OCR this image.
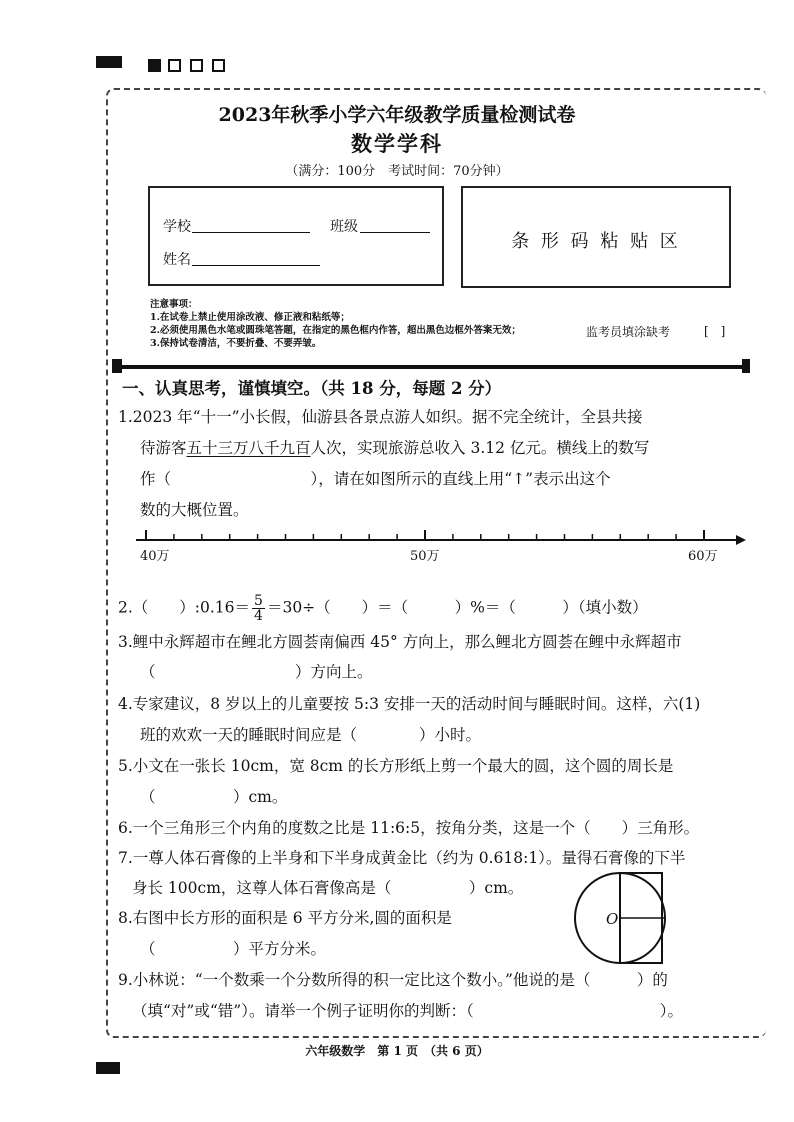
2023年秋季小学六年级教学质量检测试卷
数学学科
（满分：100分　考试时间：70分钟）
学校	班级
姓名
条 形 码 粘 贴 区
注意事项：
1.在试卷上禁止使用涂改液、修正液和粘纸等；
2.必须使用黑色水笔或圆珠笔答题，在指定的黑色框内作答，超出黑色边框外答案无效；
3.保持试卷清洁，不要折叠、不要弄皱。
监考员填涂缺考	[　]
一、认真思考，谨慎填空。（共 18 分，每题 2 分）
1.2023 年“十一”小长假，仙游县各景点游人如织。据不完全统计，全县共接
待游客五十三万八千九百人次，实现旅游总收入 3.12 亿元。横线上的数写
作（　　　　　　　　　），请在如图所示的直线上用“↑”表示出这个
数的大概位置。
40万	50万	60万
2.（　　）:0.16＝ $\frac{5}{4} =30\div$（　　）＝（　　　）%＝（　　　）（填小数）
3.鲤中永辉超市在鲤北方圆荟南偏西 45° 方向上，那么鲤北方圆荟在鲤中永辉超市
（　　　　　　　　　）方向上。
4.专家建议，8 岁以上的儿童要按 5:3 安排一天的活动时间与睡眠时间。这样，六(1)
班的欢欢一天的睡眠时间应是（　　　　）小时。
5.小文在一张长 10cm，宽 8cm 的长方形纸上剪一个最大的圆，这个圆的周长是
（　　　　　）cm。
6.一个三角形三个内角的度数之比是 11:6:5，按角分类，这是一个（　　）三角形。
7.一尊人体石膏像的上半身和下半身成黄金比（约为 0.618:1）。量得石膏像的下半
身长 100cm，这尊人体石膏像高是（　　　　　）cm。
8.右图中长方形的面积是 6 平方分米,圆的面积是
（　　　　　）平方分米。
O
9.小林说：“一个数乘一个分数所得的积一定比这个数小。”他说的是（　　　）的
（填“对”或“错”）。请举一个例子证明你的判断：（　　　　　　　　　　　　）。
六年级数学　第 1 页　（共 6 页）
